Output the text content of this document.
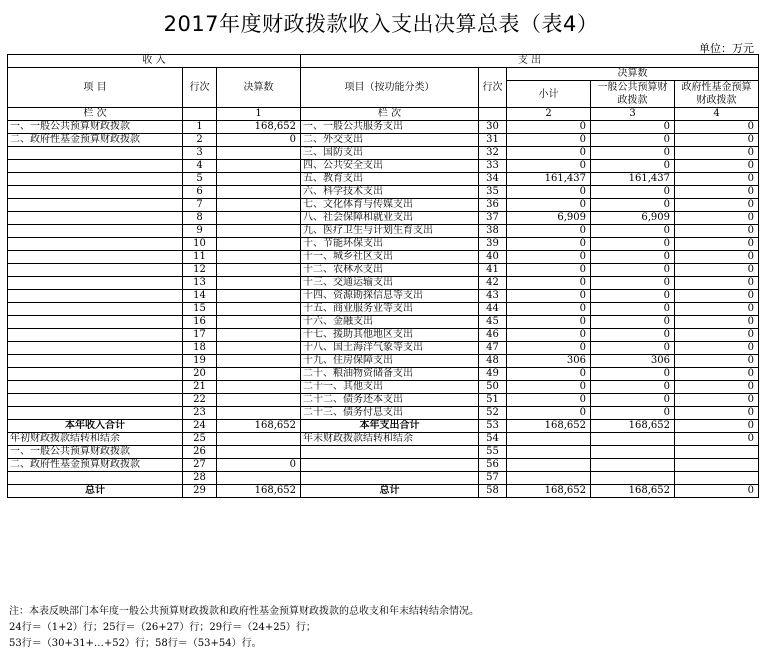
2017年度财政拨款收入支出决算总表（表4）
单位：万元
收 入			支 出				
项 目	行次	决算数	项目（按功能分类）	行次	决算数		
					小计	一般公共预算财政拨款	政府性基金预算财政拨款
栏 次		1	栏 次		2	3	4
一、一般公共预算财政拨款	1	168,652	一、一般公共服务支出	30	0	0	0
二、政府性基金预算财政拨款	2	0	二、外交支出	31	0	0	0
	3		三、国防支出	32	0	0	0
	4		四、公共安全支出	33	0	0	0
	5		五、教育支出	34	161,437	161,437	0
	6		六、科学技术支出	35	0	0	0
	7		七、文化体育与传媒支出	36	0	0	0
	8		八、社会保障和就业支出	37	6,909	6,909	0
	9		九、医疗卫生与计划生育支出	38	0	0	0
	10		十、节能环保支出	39	0	0	0
	11		十一、城乡社区支出	40	0	0	0
	12		十二、农林水支出	41	0	0	0
	13		十三、交通运输支出	42	0	0	0
	14		十四、资源勘探信息等支出	43	0	0	0
	15		十五、商业服务业等支出	44	0	0	0
	16		十六、金融支出	45	0	0	0
	17		十七、援助其他地区支出	46	0	0	0
	18		十八、国土海洋气象等支出	47	0	0	0
	19		十九、住房保障支出	48	306	306	0
	20		二十、粮油物资储备支出	49	0	0	0
	21		二十一、其他支出	50	0	0	0
	22		二十二、债务还本支出	51	0	0	0
	23		二十三、债务付息支出	52	0	0	0
本年收入合计	24	168,652	本年支出合计	53	168,652	168,652	0
年初财政拨款结转和结余	25		年末财政拨款结转和结余	54			0
一、一般公共预算财政拨款	26			55			
二、政府性基金预算财政拨款	27	0		56			
	28			57			
总计	29	168,652	总计	58	168,652	168,652	0
注：本表反映部门本年度一般公共预算财政拨款和政府性基金预算财政拨款的总收支和年末结转结余情况。
24行＝（1+2）行；25行＝（26+27）行；29行＝（24+25）行；
53行＝（30+31+…+52）行；58行＝（53+54）行。
